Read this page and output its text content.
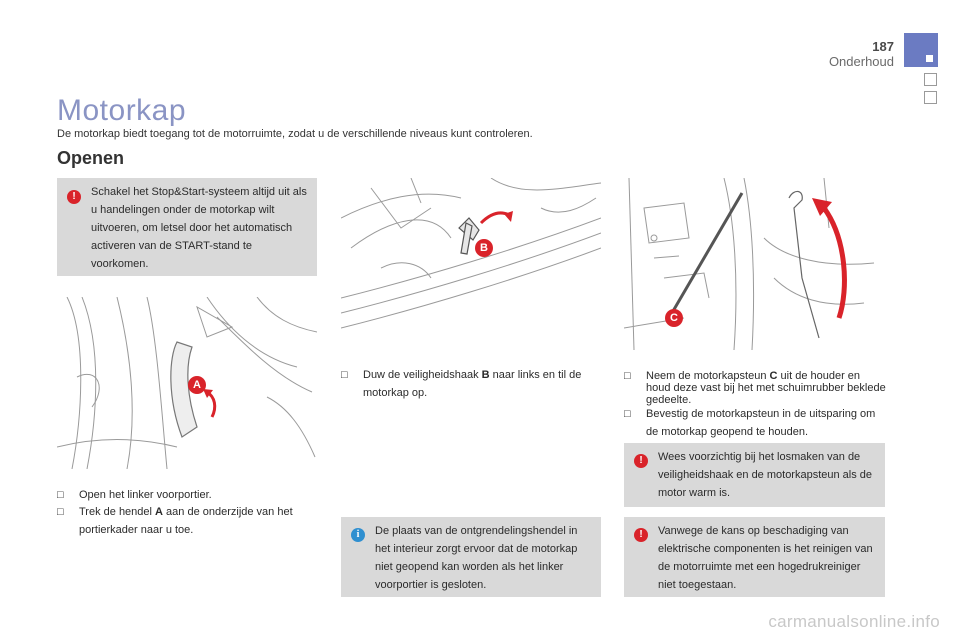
187
Onderhoud
Motorkap
De motorkap biedt toegang tot de motorruimte, zodat u de verschillende niveaus kunt controleren.
Openen
!	Schakel het Stop&Start-systeem altijd uit als u handelingen onder de motorkap wilt uitvoeren, om letsel door het automatisch activeren van de START-stand te voorkomen.
A
□	Open het linker voorportier.
□	Trek de hendel A aan de onderzijde van het portierkader naar u toe.
B
□	Duw de veiligheidshaak B naar links en til de motorkap op.
i	De plaats van de ontgrendelingshendel in het interieur zorgt ervoor dat de motorkap niet geopend kan worden als het linker voorportier is gesloten.
C
□	Neem de motorkapsteun C uit de houder en houd deze vast bij het met schuimrubber beklede gedeelte.
□	Bevestig de motorkapsteun in de uitsparing om de motorkap geopend te houden.
!	Wees voorzichtig bij het losmaken van de veiligheidshaak en de motorkapsteun als de motor warm is.
!	Vanwege de kans op beschadiging van elektrische componenten is het reinigen van de motorruimte met een hogedrukreiniger niet toegestaan.
carmanualsonline.info
